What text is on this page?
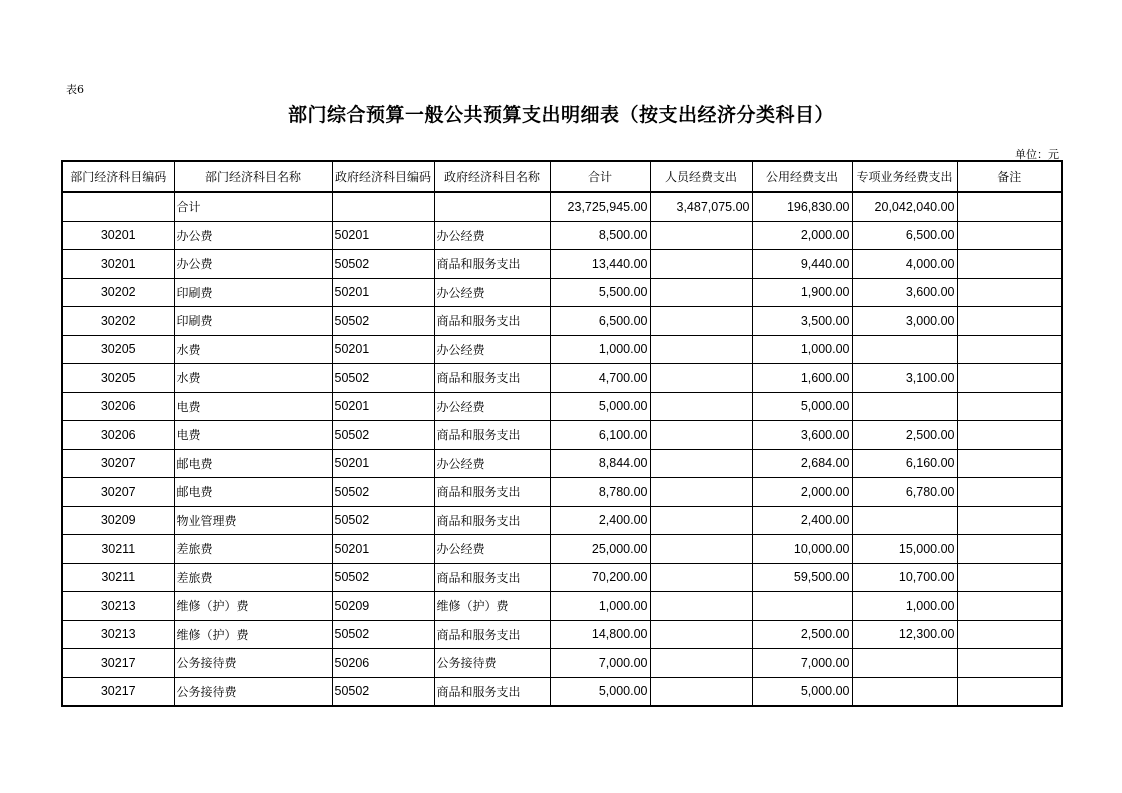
表6
部门综合预算一般公共预算支出明细表（按支出经济分类科目）
单位：元
部门经济科目编码	部门经济科目名称	政府经济科目编码	政府经济科目名称	合计	人员经费支出	公用经费支出	专项业务经费支出	备注
	合计			23,725,945.00	3,487,075.00	196,830.00	20,042,040.00	
30201	办公费	50201	办公经费	8,500.00		2,000.00	6,500.00	
30201	办公费	50502	商品和服务支出	13,440.00		9,440.00	4,000.00	
30202	印刷费	50201	办公经费	5,500.00		1,900.00	3,600.00	
30202	印刷费	50502	商品和服务支出	6,500.00		3,500.00	3,000.00	
30205	水费	50201	办公经费	1,000.00		1,000.00		
30205	水费	50502	商品和服务支出	4,700.00		1,600.00	3,100.00	
30206	电费	50201	办公经费	5,000.00		5,000.00		
30206	电费	50502	商品和服务支出	6,100.00		3,600.00	2,500.00	
30207	邮电费	50201	办公经费	8,844.00		2,684.00	6,160.00	
30207	邮电费	50502	商品和服务支出	8,780.00		2,000.00	6,780.00	
30209	物业管理费	50502	商品和服务支出	2,400.00		2,400.00		
30211	差旅费	50201	办公经费	25,000.00		10,000.00	15,000.00	
30211	差旅费	50502	商品和服务支出	70,200.00		59,500.00	10,700.00	
30213	维修（护）费	50209	维修（护）费	1,000.00			1,000.00	
30213	维修（护）费	50502	商品和服务支出	14,800.00		2,500.00	12,300.00	
30217	公务接待费	50206	公务接待费	7,000.00		7,000.00		
30217	公务接待费	50502	商品和服务支出	5,000.00		5,000.00		
